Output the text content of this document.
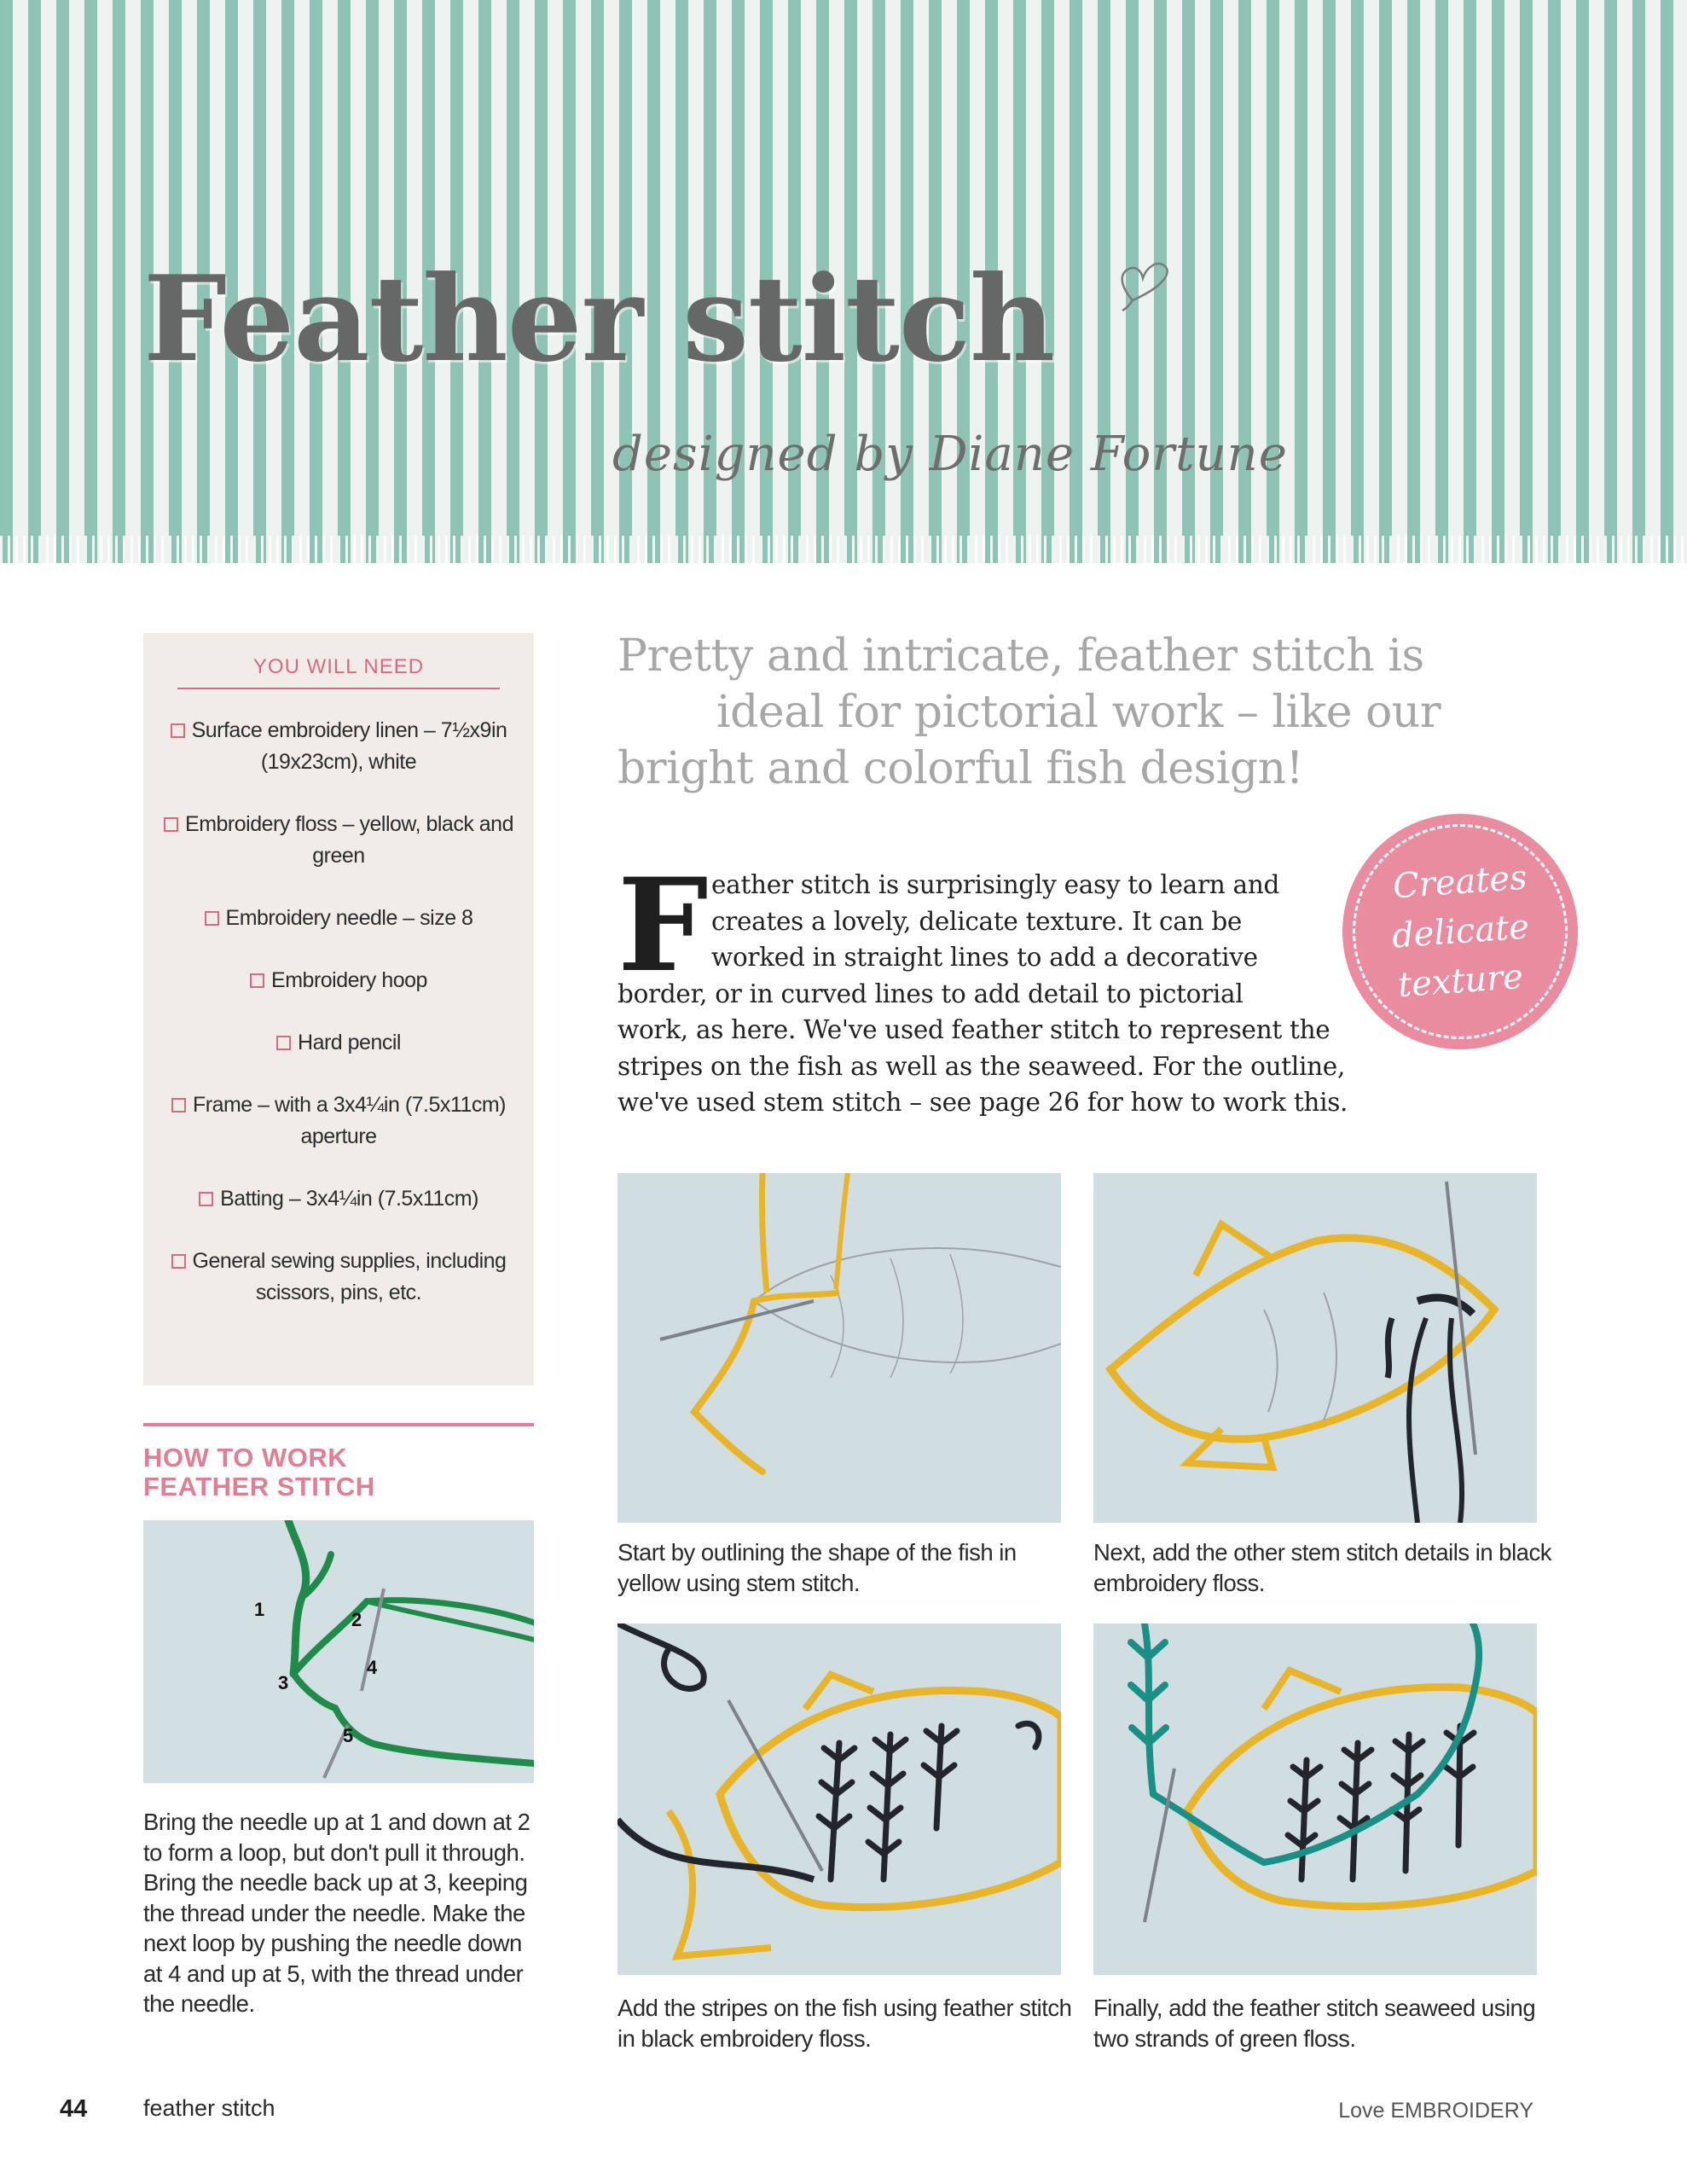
Feather stitch
designed by Diane Fortune
Pretty and intricate, feather stitch is
ideal for pictorial work – like our
bright and colorful fish design!
F eather stitch is surprisingly easy to learn and
creates a lovely, delicate texture. It can be
worked in straight lines to add a decorative
border, or in curved lines to add detail to pictorial
work, as here. We've used feather stitch to represent the
stripes on the fish as well as the seaweed. For the outline,
we've used stem stitch – see page 26 for how to work this.
Creates
delicate
texture
YOU WILL NEED
Surface embroidery linen – 7½x9in (19x23cm), white
Embroidery floss – yellow, black and green
Embroidery needle – size 8
Embroidery hoop
Hard pencil
Frame – with a 3x4¼in (7.5x11cm) aperture
Batting – 3x4¼in (7.5x11cm)
General sewing supplies, including scissors, pins, etc.
HOW TO WORK
FEATHER STITCH
1	2
3
4
5
Bring the needle up at 1 and down at 2 to form a loop, but don't pull it through. Bring the needle back up at 3, keeping the thread under the needle. Make the next loop by pushing the needle down at 4 and up at 5, with the thread under the needle.
Start by outlining the shape of the fish in yellow using stem stitch.
Next, add the other stem stitch details in black embroidery floss.
Add the stripes on the fish using feather stitch in black embroidery floss.
Finally, add the feather stitch seaweed using two strands of green floss.
44 feather stitch	Love EMBROIDERY
